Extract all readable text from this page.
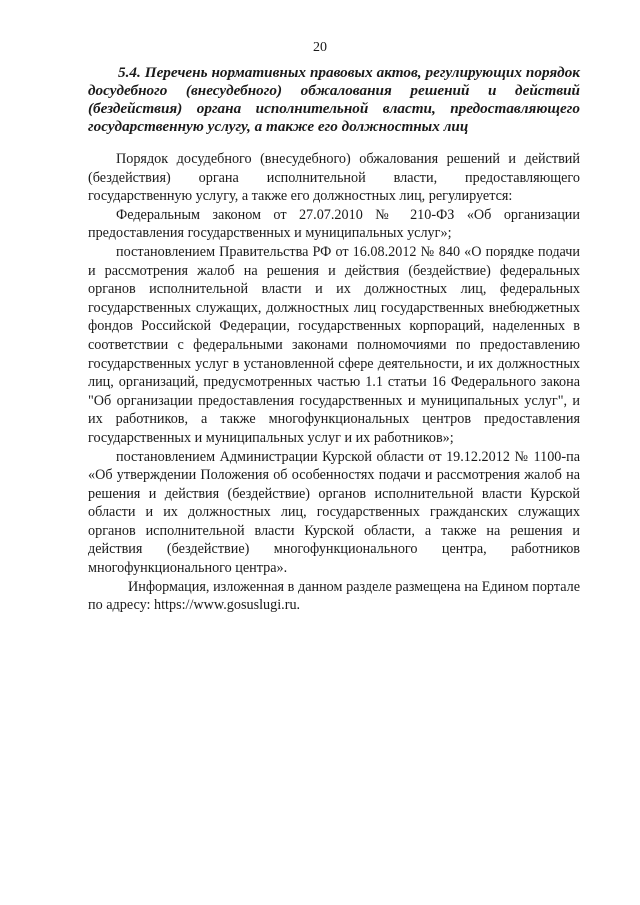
20
5.4. Перечень нормативных правовых актов, регулирующих порядок досудебного (внесудебного) обжалования решений и действий (бездействия) органа исполнительной власти, предоставляющего государственную услугу, а также его должностных лиц

Порядок досудебного (внесудебного) обжалования решений и действий (бездействия) органа исполнительной власти, предоставляющего государственную услугу, а также его должностных лиц, регулируется:

Федеральным законом от 27.07.2010 № 210-ФЗ «Об организации предоставления государственных и муниципальных услуг»;

постановлением Правительства РФ от 16.08.2012 № 840 «О порядке подачи и рассмотрения жалоб на решения и действия (бездействие) федеральных органов исполнительной власти и их должностных лиц, федеральных государственных служащих, должностных лиц государственных внебюджетных фондов Российской Федерации, государственных корпораций, наделенных в соответствии с федеральными законами полномочиями по предоставлению государственных услуг в установленной сфере деятельности, и их должностных лиц, организаций, предусмотренных частью 1.1 статьи 16 Федерального закона "Об организации предоставления государственных и муниципальных услуг", и их работников, а также многофункциональных центров предоставления государственных и муниципальных услуг и их работников»;

постановлением Администрации Курской области от 19.12.2012 № 1100-па «Об утверждении Положения об особенностях подачи и рассмотрения жалоб на решения и действия (бездействие) органов исполнительной власти Курской области и их должностных лиц, государственных гражданских служащих органов исполнительной власти Курской области, а также на решения и действия (бездействие) многофункционального центра, работников многофункционального центра».

Информация, изложенная в данном разделе размещена на Едином портале по адресу: https://www.gosuslugi.ru.
